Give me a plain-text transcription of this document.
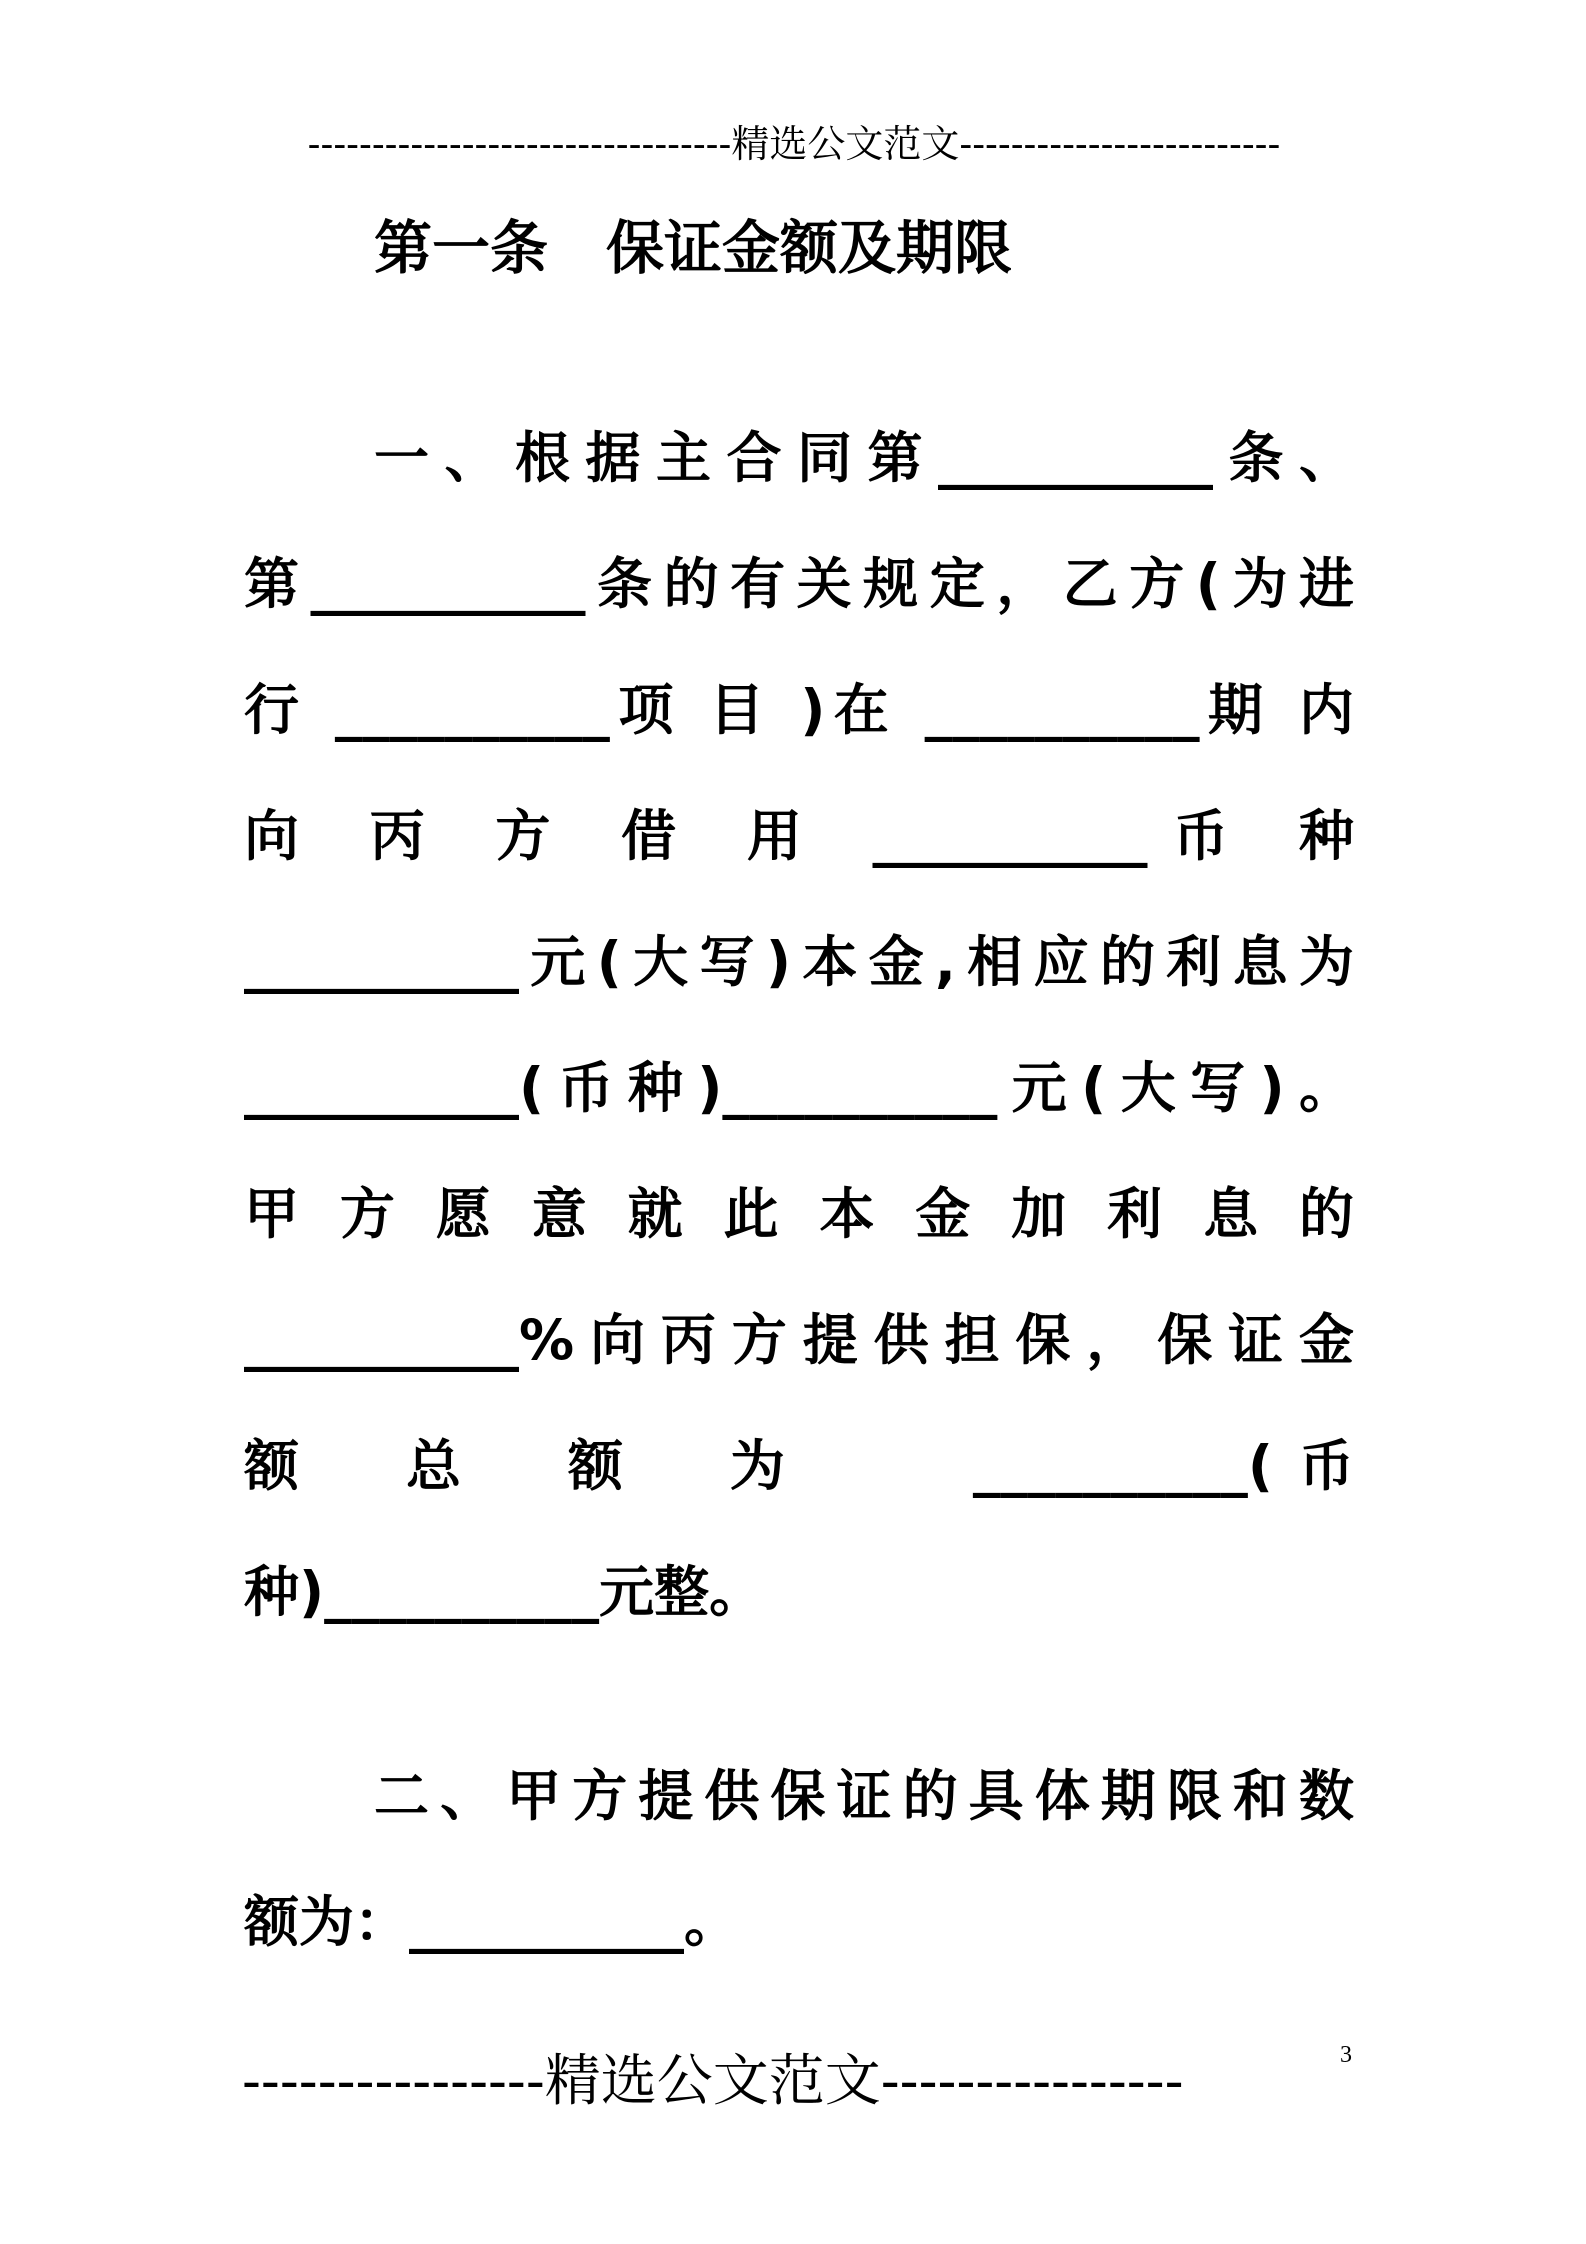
---------------------------------精选公文范文-------------------------
第一条　保证金额及期限
一、根据主合同第__________条、
第__________条的有关规定，乙方(为进
行 __________项 目 )在 __________期 内
向 丙 方 借 用 __________币 种
__________元(大写)本金,相应的利息为
__________(币种)__________元(大写)。
甲 方 愿 意 就 此 本 金 加 利 息 的
__________%向丙方提供担保，保证金
额　总　额　为　　__________(币
种)__________元整。
二、甲方提供保证的具体期限和数
额为：__________。
----------------精选公文范文----------------	3
